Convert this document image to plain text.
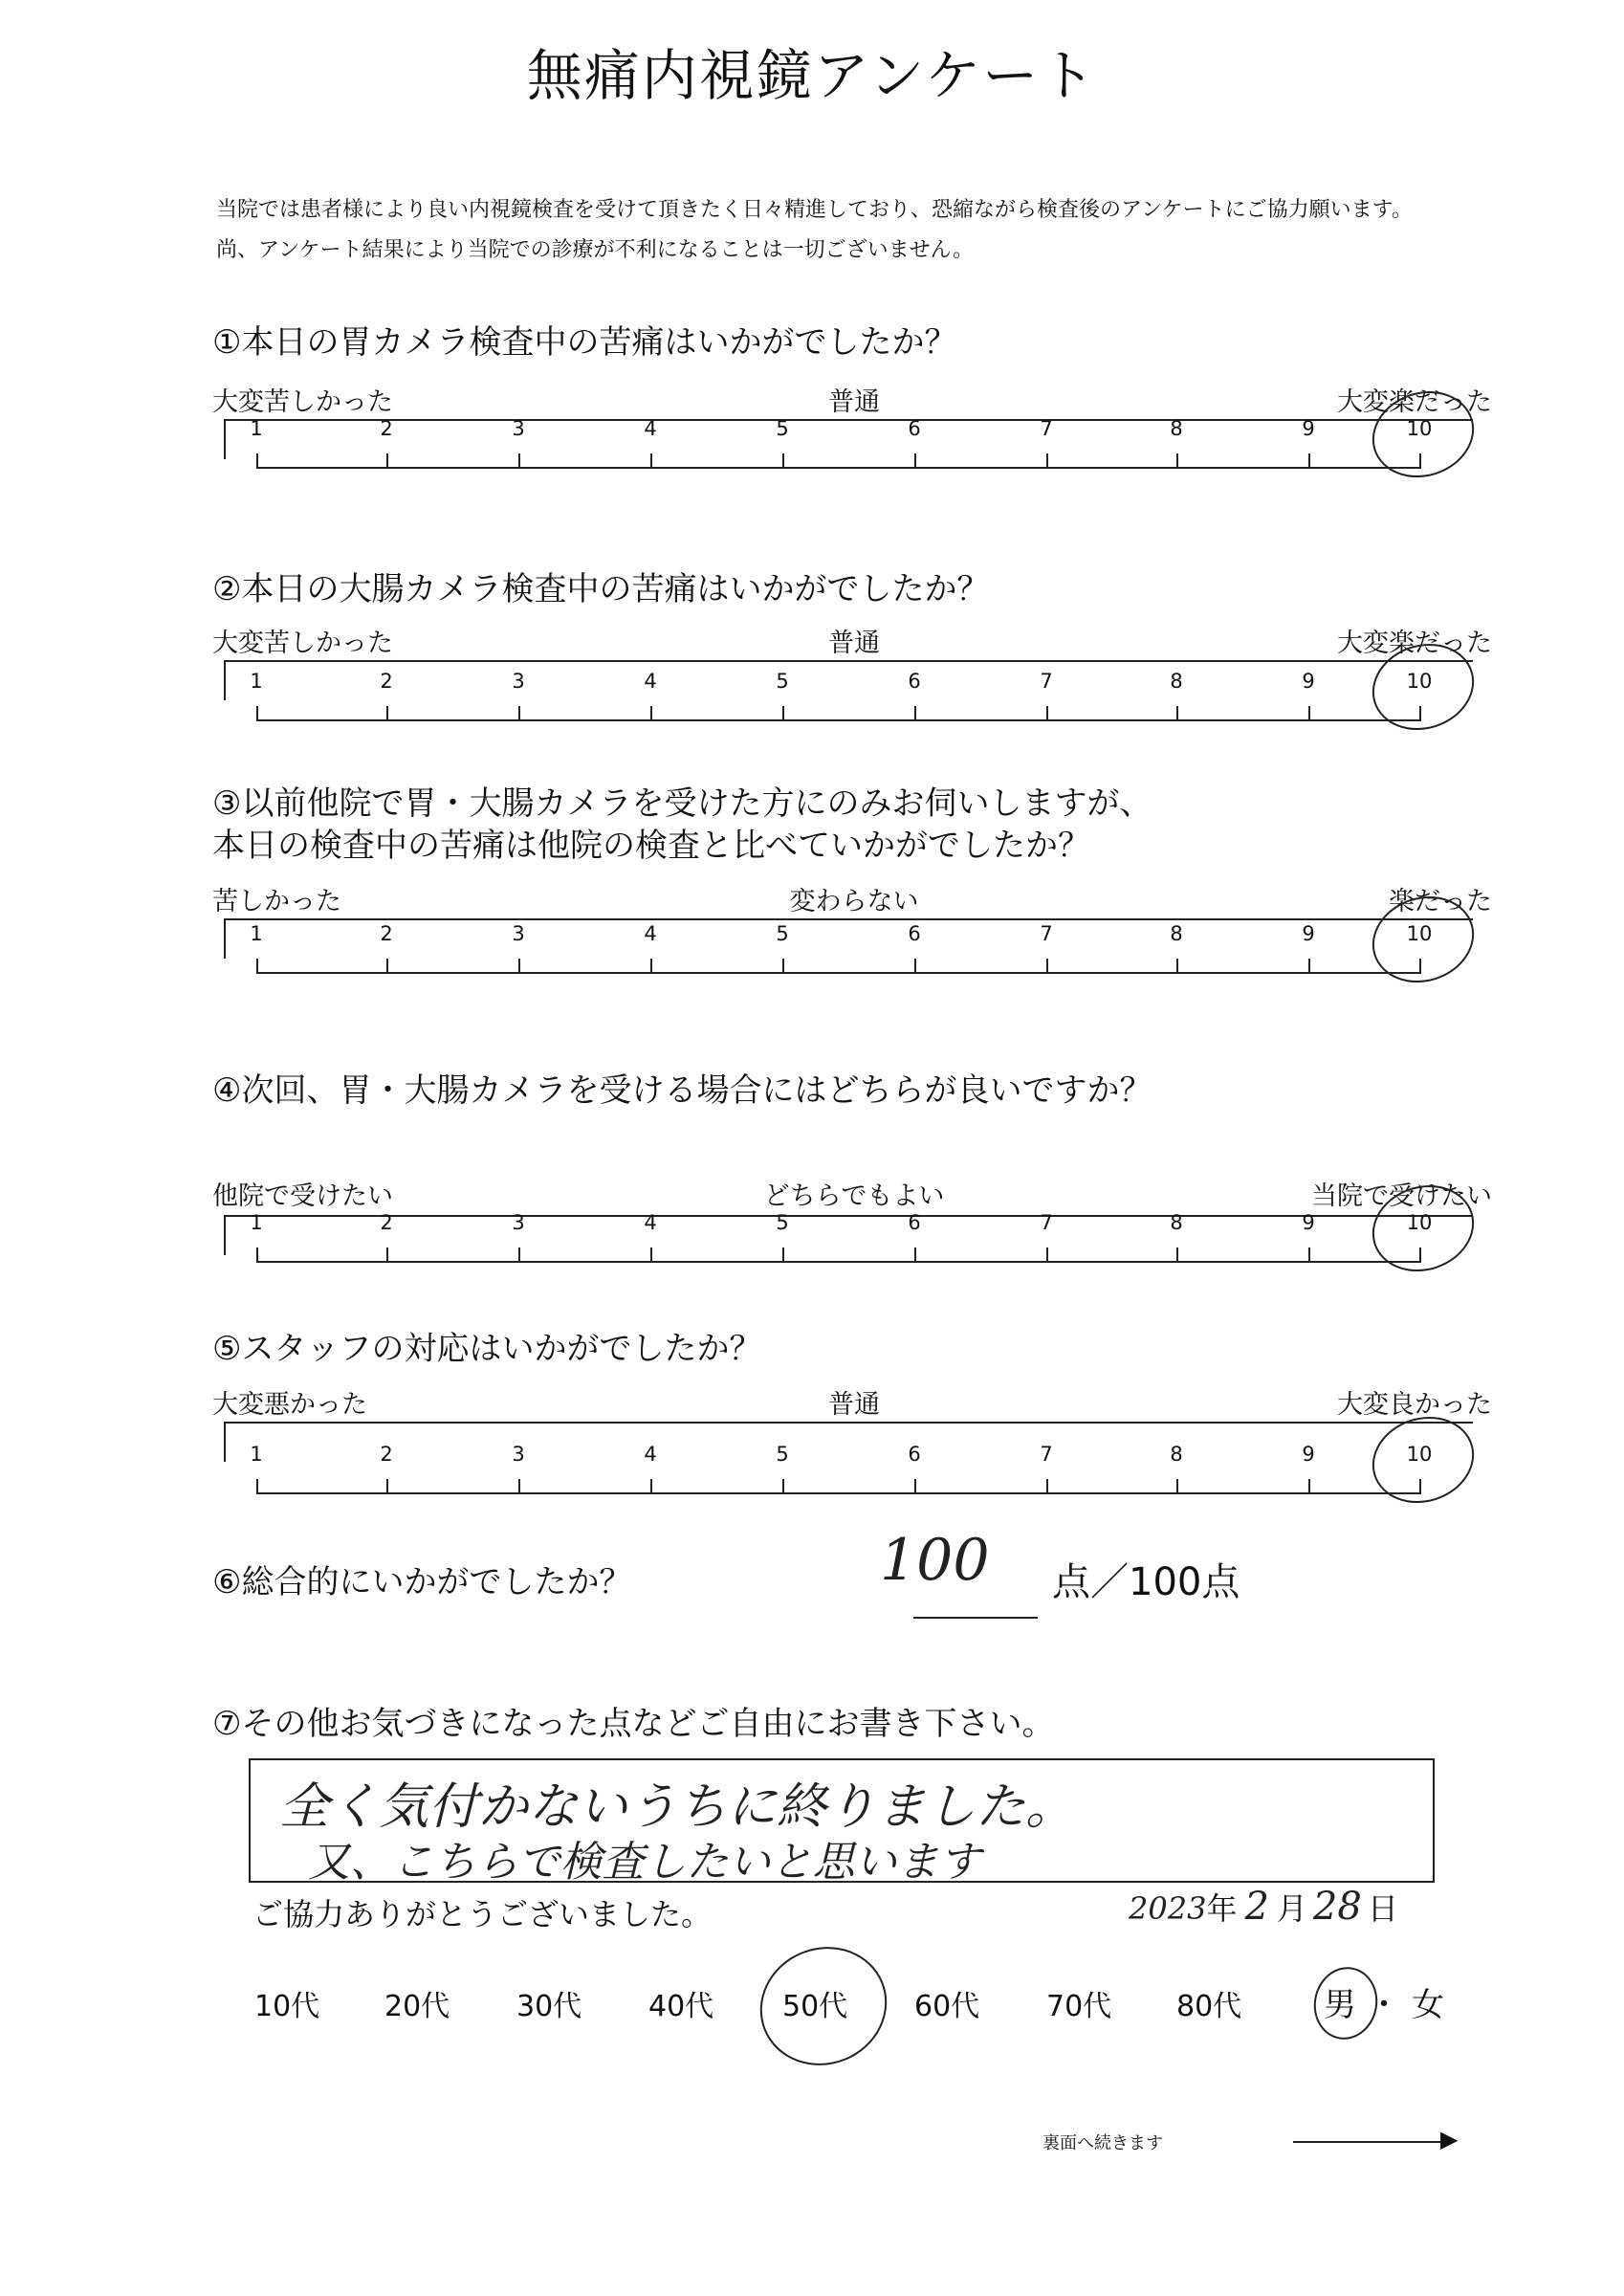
無痛内視鏡アンケート
当院では患者様により良い内視鏡検査を受けて頂きたく日々精進しており、恐縮ながら検査後のアンケートにご協力願います。
尚、アンケート結果により当院での診療が不利になることは一切ございません。
①本日の胃カメラ検査中の苦痛はいかがでしたか？
大変苦しかった	普通	大変楽だった
1	2	3	4	5	6	7	8	9	10
②本日の大腸カメラ検査中の苦痛はいかがでしたか？
大変苦しかった	普通	大変楽だった
1	2	3	4	5	6	7	8	9	10
③以前他院で胃・大腸カメラを受けた方にのみお伺いしますが、
本日の検査中の苦痛は他院の検査と比べていかがでしたか？
苦しかった	変わらない	楽だった
1	2	3	4	5	6	7	8	9	10
④次回、胃・大腸カメラを受ける場合にはどちらが良いですか？
他院で受けたい	どちらでもよい	当院で受けたい
1	2	3	4	5	6	7	8	9	10
⑤スタッフの対応はいかがでしたか？
大変悪かった	普通	大変良かった
1	2	3	4	5	6	7	8	9	10
⑥総合的にいかがでしたか？	100 点／100点
⑦その他お気づきになった点などご自由にお書き下さい。
全く気付かないうちに終りました。
又、こちらで検査したいと思います
ご協力ありがとうございました。	2023年 2 月 28 日
10代 20代 30代 40代 50代 60代 70代 80代	男 ・ 女
裏面へ続きます	▶
